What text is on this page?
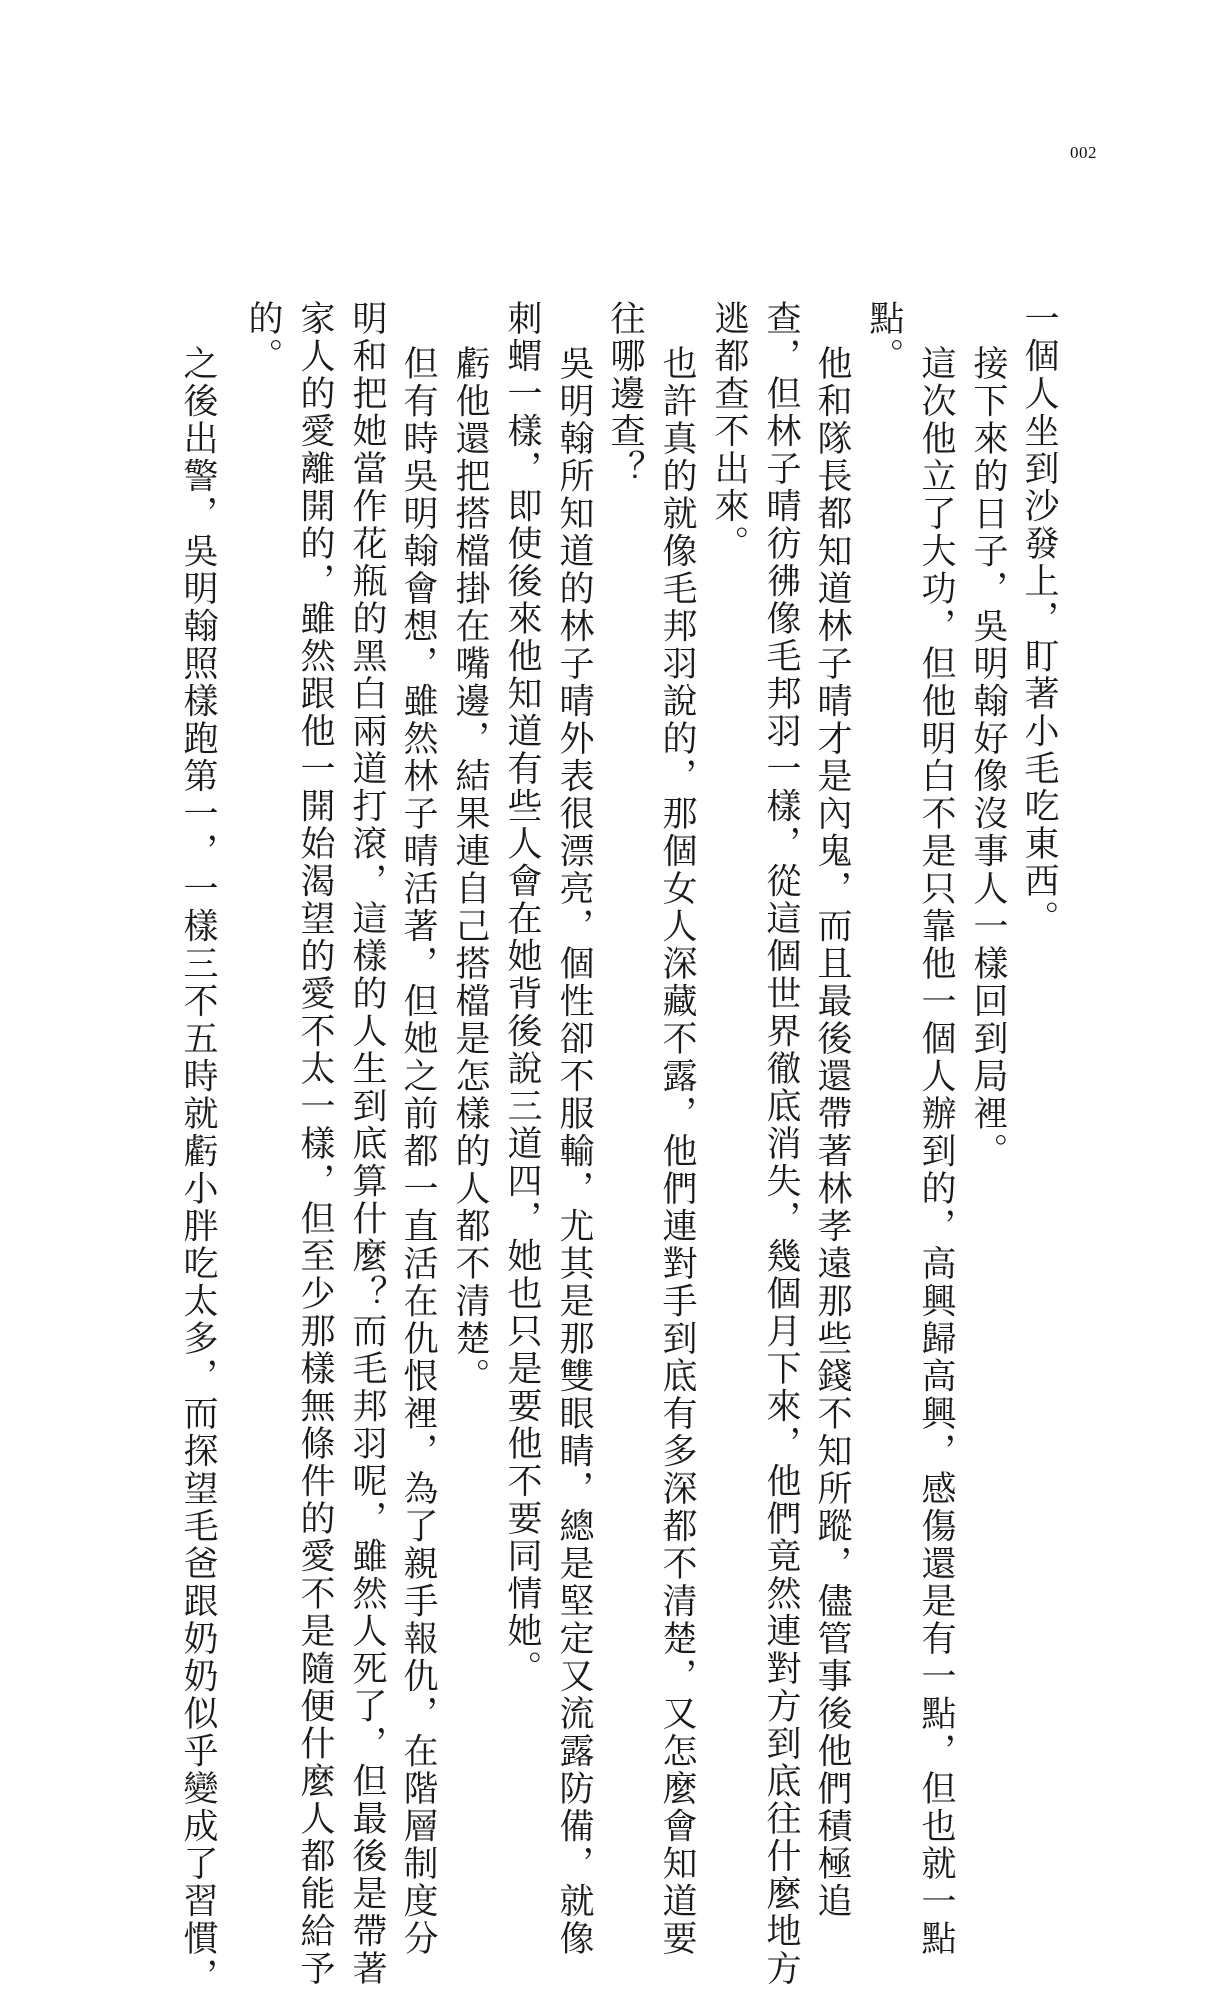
002
一個人坐到沙發上，盯著小毛吃東西。
接下來的日子，吳明翰好像沒事人一樣回到局裡。
這次他立了大功，但他明白不是只靠他一個人辦到的，高興歸高興，感傷還是有一點，但也就一點
點。
他和隊長都知道林子晴才是內鬼，而且最後還帶著林孝遠那些錢不知所蹤，儘管事後他們積極追
查，但林子晴彷彿像毛邦羽一樣，從這個世界徹底消失，幾個月下來，他們竟然連對方到底往什麼地方
逃都查不出來。
也許真的就像毛邦羽說的，那個女人深藏不露，他們連對手到底有多深都不清楚，又怎麼會知道要
往哪邊查？
吳明翰所知道的林子晴外表很漂亮，個性卻不服輸，尤其是那雙眼睛，總是堅定又流露防備，就像
刺蝟一樣，即使後來他知道有些人會在她背後說三道四，她也只是要他不要同情她。
虧他還把搭檔掛在嘴邊，結果連自己搭檔是怎樣的人都不清楚。
但有時吳明翰會想，雖然林子晴活著，但她之前都一直活在仇恨裡，為了親手報仇，在階層制度分
明和把她當作花瓶的黑白兩道打滾，這樣的人生到底算什麼？而毛邦羽呢，雖然人死了，但最後是帶著
家人的愛離開的，雖然跟他一開始渴望的愛不太一樣，但至少那樣無條件的愛不是隨便什麼人都能給予
的。
之後出警，吳明翰照樣跑第一，一樣三不五時就虧小胖吃太多，而探望毛爸跟奶奶似乎變成了習慣，
